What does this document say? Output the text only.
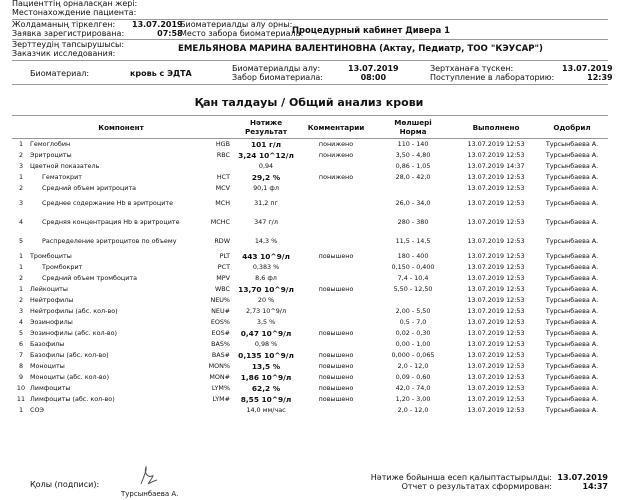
Пациенттің орналасқан жері:
Местонахождение пациента:
Жолдаманың тіркелген:
Заявка зарегистрирована:
13.07.2019
07:58
Биоматериалды алу орны:
Место забора биоматериала:
Процедурный кабинет Дивера 1
Зерттеудің тапсырушысы:
Заказчик исследования:	ЕМЕЛЬЯНОВА МАРИНА ВАЛЕНТИНОВНА (Актау, Педиатр, ТОО "КЭУСАР")
Биоматериал:	кровь с ЭДТА
Биоматериалды алу:
Забор биоматериала:
13.07.2019
08:00
Зертханаға түскен:
Поступление в лабораторию:
13.07.2019
12:39
Қан талдауы / Общий анализ крови
Компонент			Нәтиже
Результат	Комментарии	Мөлшері
Норма	Выполнено	Одобрил
1	Гемоглобин	HGB	101 г/л	понижено	110 - 140	13.07.2019 12:53	Турсынбаева А.
2	Эритроциты	RBC	3,24 10^12/л	понижено	3,50 - 4,80	13.07.2019 12:53	Турсынбаева А.
3	Цветной показатель		0,94		0,86 - 1,05	13.07.2019 14:37	Турсынбаева А.
1	Гематокрит	HCT	29,2 %	понижено	28,0 - 42,0	13.07.2019 12:53	Турсынбаева А.
2	Средний объем эритроцита	MCV	90,1 фл			13.07.2019 12:53	Турсынбаева А.
3	Среднее содержание Hb в эритроците	MCH	31,2 пг		26,0 - 34,0	13.07.2019 12:53	Турсынбаева А.
4	Средняя концентрация Hb в эритроците	MCHC	347 г/л		280 - 380	13.07.2019 12:53	Турсынбаева А.
5	Распределение эритроцитов по объему	RDW	14,3 %		11,5 - 14,5	13.07.2019 12:53	Турсынбаева А.
1	Тромбоциты	PLT	443 10^9/л	повышено	180 - 400	13.07.2019 12:53	Турсынбаева А.
1	Тромбокрит	PCT	0,383 %		0,150 - 0,400	13.07.2019 12:53	Турсынбаева А.
2	Средний объем тромбоцита	MPV	8,6 фл		7,4 - 10,4	13.07.2019 12:53	Турсынбаева А.
1	Лейкоциты	WBC	13,70 10^9/л	повышено	5,50 - 12,50	13.07.2019 12:53	Турсынбаева А.
2	Нейтрофилы	NEU%	20 %			13.07.2019 12:53	Турсынбаева А.
3	Нейтрофилы (абс. кол-во)	NEU#	2,73 10^9/л		2,00 - 5,50	13.07.2019 12:53	Турсынбаева А.
4	Эозинофилы	EOS%	3,5 %		0,5 - 7,0	13.07.2019 12:53	Турсынбаева А.
5	Эозинофилы (абс. кол-во)	EOS#	0,47 10^9/л	повышено	0,02 - 0,30	13.07.2019 12:53	Турсынбаева А.
6	Базофилы	BAS%	0,98 %		0,00 - 1,00	13.07.2019 12:53	Турсынбаева А.
7	Базофилы (абс. кол-во)	BAS#	0,135 10^9/л	повышено	0,000 - 0,065	13.07.2019 12:53	Турсынбаева А.
8	Моноциты	MON%	13,5 %	повышено	2,0 - 12,0	13.07.2019 12:53	Турсынбаева А.
9	Моноциты (абс. кол-во)	MON#	1,86 10^9/л	повышено	0,09 - 0,60	13.07.2019 12:53	Турсынбаева А.
10	Лимфоциты	LYM%	62,2 %	повышено	42,0 - 74,0	13.07.2019 12:53	Турсынбаева А.
11	Лимфоциты (абс. кол-во)	LYM#	8,55 10^9/л	повышено	1,20 - 3,00	13.07.2019 12:53	Турсынбаева А.
1	СОЭ		14,0 мм/час		2,0 - 12,0	13.07.2019 12:53	Турсынбаева А.
Қолы (подписи):
Турсынбаева А.
Нәтиже бойынша есеп қалыптастырылды:
Отчет о результатах сформирован:
13.07.2019
14:37
